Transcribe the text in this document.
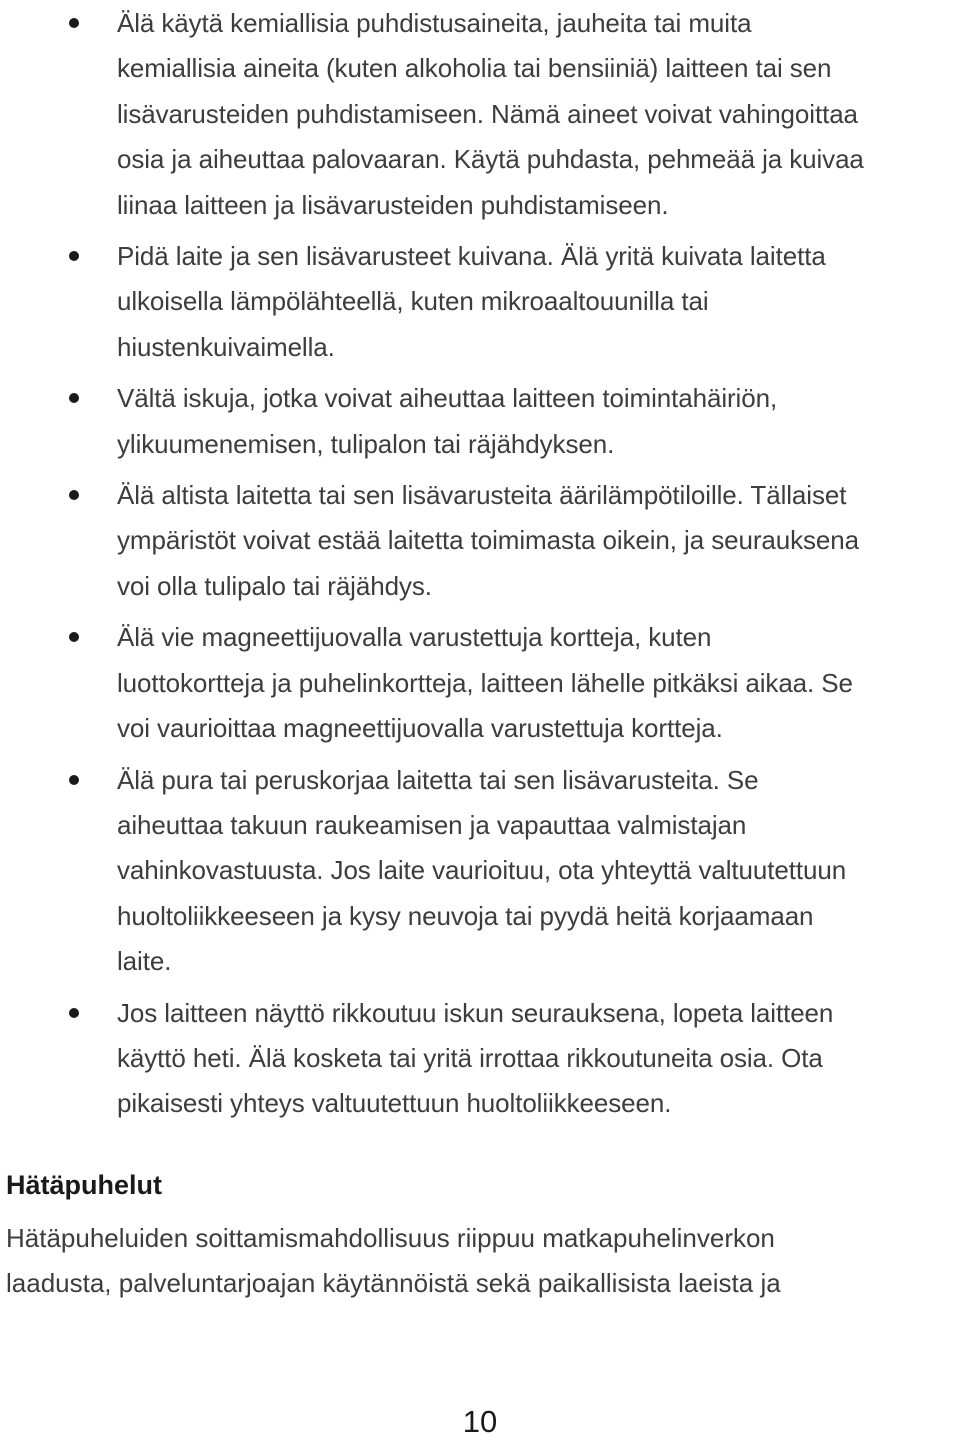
Älä käytä kemiallisia puhdistusaineita, jauheita tai muita
kemiallisia aineita (kuten alkoholia tai bensiiniä) laitteen tai sen
lisävarusteiden puhdistamiseen. Nämä aineet voivat vahingoittaa
osia ja aiheuttaa palovaaran. Käytä puhdasta, pehmeää ja kuivaa
liinaa laitteen ja lisävarusteiden puhdistamiseen.
Pidä laite ja sen lisävarusteet kuivana. Älä yritä kuivata laitetta
ulkoisella lämpölähteellä, kuten mikroaaltouunilla tai
hiustenkuivaimella.
Vältä iskuja, jotka voivat aiheuttaa laitteen toimintahäiriön,
ylikuumenemisen, tulipalon tai räjähdyksen.
Älä altista laitetta tai sen lisävarusteita äärilämpötiloille. Tällaiset
ympäristöt voivat estää laitetta toimimasta oikein, ja seurauksena
voi olla tulipalo tai räjähdys.
Älä vie magneettijuovalla varustettuja kortteja, kuten
luottokortteja ja puhelinkortteja, laitteen lähelle pitkäksi aikaa. Se
voi vaurioittaa magneettijuovalla varustettuja kortteja.
Älä pura tai peruskorjaa laitetta tai sen lisävarusteita. Se
aiheuttaa takuun raukeamisen ja vapauttaa valmistajan
vahinkovastuusta. Jos laite vaurioituu, ota yhteyttä valtuutettuun
huoltoliikkeeseen ja kysy neuvoja tai pyydä heitä korjaamaan
laite.
Jos laitteen näyttö rikkoutuu iskun seurauksena, lopeta laitteen
käyttö heti. Älä kosketa tai yritä irrottaa rikkoutuneita osia. Ota
pikaisesti yhteys valtuutettuun huoltoliikkeeseen.
Hätäpuhelut

Hätäpuheluiden soittamismahdollisuus riippuu matkapuhelinverkon
laadusta, palveluntarjoajan käytännöistä sekä paikallisista laeista ja

10
